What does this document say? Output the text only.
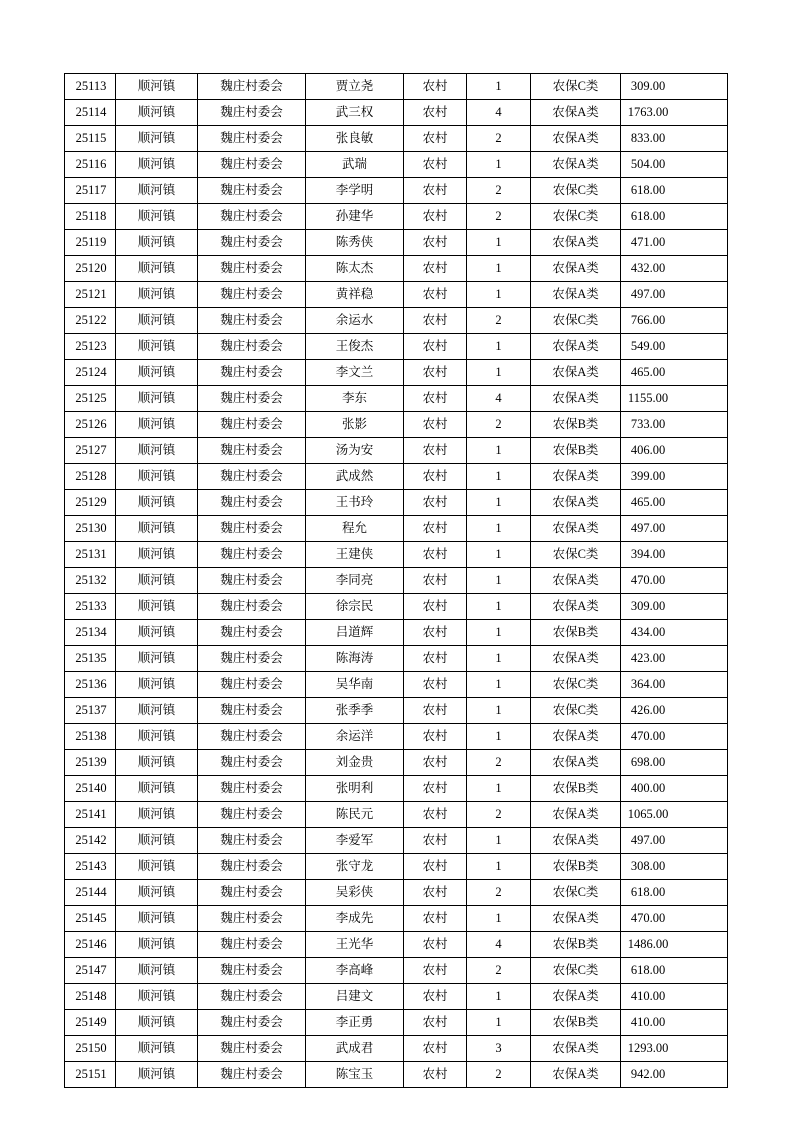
25113	顺河镇	魏庄村委会	贾立尧	农村	1	农保C类	309.00
25114	顺河镇	魏庄村委会	武三权	农村	4	农保A类	1763.00
25115	顺河镇	魏庄村委会	张良敏	农村	2	农保A类	833.00
25116	顺河镇	魏庄村委会	武瑞	农村	1	农保A类	504.00
25117	顺河镇	魏庄村委会	李学明	农村	2	农保C类	618.00
25118	顺河镇	魏庄村委会	孙建华	农村	2	农保C类	618.00
25119	顺河镇	魏庄村委会	陈秀侠	农村	1	农保A类	471.00
25120	顺河镇	魏庄村委会	陈太杰	农村	1	农保A类	432.00
25121	顺河镇	魏庄村委会	黄祥稳	农村	1	农保A类	497.00
25122	顺河镇	魏庄村委会	余运水	农村	2	农保C类	766.00
25123	顺河镇	魏庄村委会	王俊杰	农村	1	农保A类	549.00
25124	顺河镇	魏庄村委会	李文兰	农村	1	农保A类	465.00
25125	顺河镇	魏庄村委会	李东	农村	4	农保A类	1155.00
25126	顺河镇	魏庄村委会	张影	农村	2	农保B类	733.00
25127	顺河镇	魏庄村委会	汤为安	农村	1	农保B类	406.00
25128	顺河镇	魏庄村委会	武成然	农村	1	农保A类	399.00
25129	顺河镇	魏庄村委会	王书玲	农村	1	农保A类	465.00
25130	顺河镇	魏庄村委会	程允	农村	1	农保A类	497.00
25131	顺河镇	魏庄村委会	王建侠	农村	1	农保C类	394.00
25132	顺河镇	魏庄村委会	李同亮	农村	1	农保A类	470.00
25133	顺河镇	魏庄村委会	徐宗民	农村	1	农保A类	309.00
25134	顺河镇	魏庄村委会	吕道辉	农村	1	农保B类	434.00
25135	顺河镇	魏庄村委会	陈海涛	农村	1	农保A类	423.00
25136	顺河镇	魏庄村委会	吴华南	农村	1	农保C类	364.00
25137	顺河镇	魏庄村委会	张季季	农村	1	农保C类	426.00
25138	顺河镇	魏庄村委会	余运洋	农村	1	农保A类	470.00
25139	顺河镇	魏庄村委会	刘金贵	农村	2	农保A类	698.00
25140	顺河镇	魏庄村委会	张明利	农村	1	农保B类	400.00
25141	顺河镇	魏庄村委会	陈民元	农村	2	农保A类	1065.00
25142	顺河镇	魏庄村委会	李爱军	农村	1	农保A类	497.00
25143	顺河镇	魏庄村委会	张守龙	农村	1	农保B类	308.00
25144	顺河镇	魏庄村委会	吴彩侠	农村	2	农保C类	618.00
25145	顺河镇	魏庄村委会	李成先	农村	1	农保A类	470.00
25146	顺河镇	魏庄村委会	王光华	农村	4	农保B类	1486.00
25147	顺河镇	魏庄村委会	李高峰	农村	2	农保C类	618.00
25148	顺河镇	魏庄村委会	吕建文	农村	1	农保A类	410.00
25149	顺河镇	魏庄村委会	李正勇	农村	1	农保B类	410.00
25150	顺河镇	魏庄村委会	武成君	农村	3	农保A类	1293.00
25151	顺河镇	魏庄村委会	陈宝玉	农村	2	农保A类	942.00
